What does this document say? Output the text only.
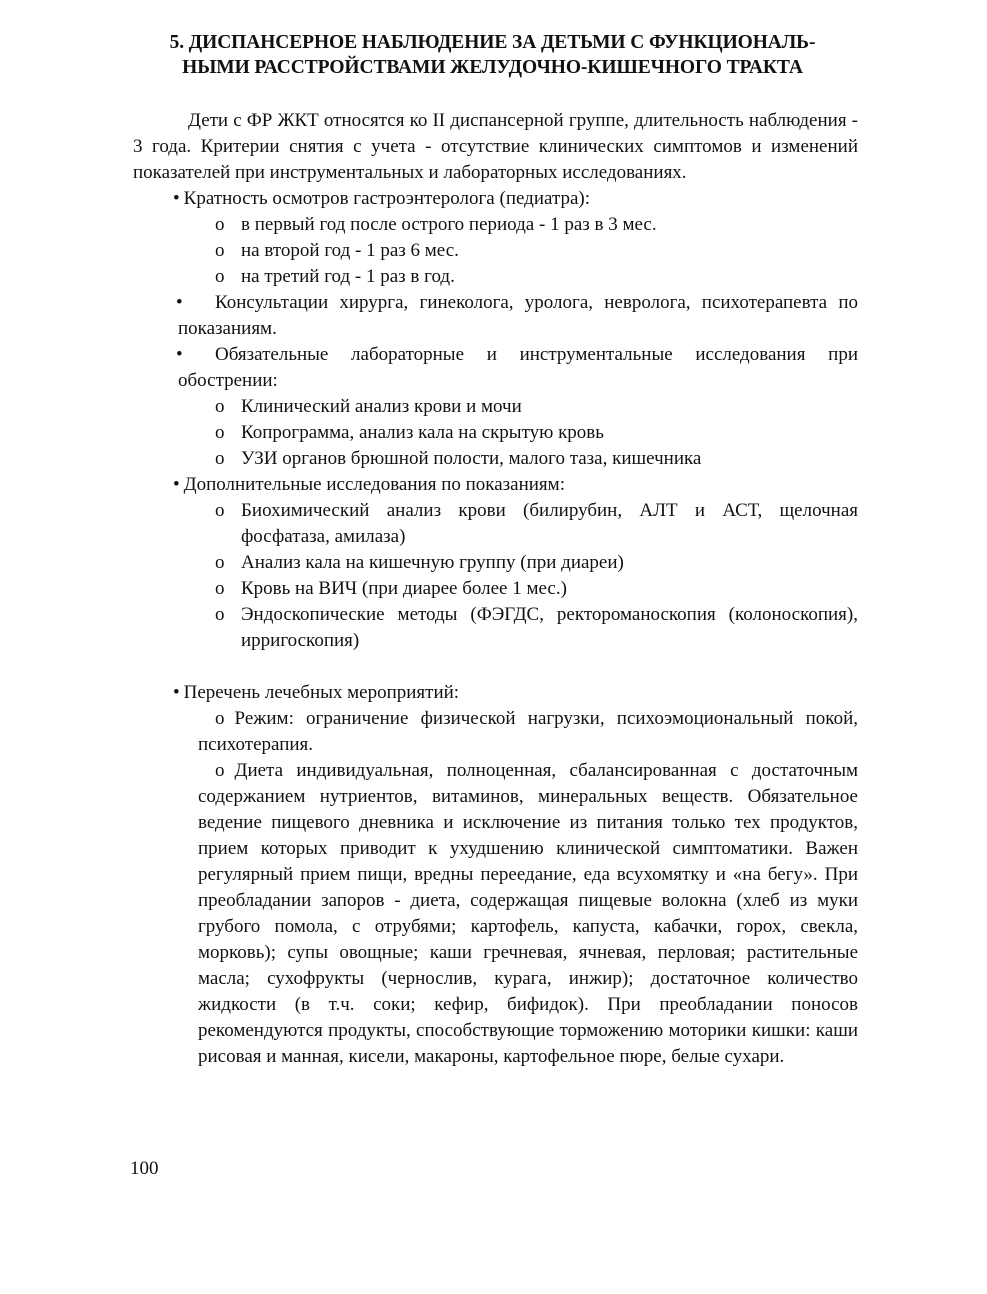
5. ДИСПАНСЕРНОЕ НАБЛЮДЕНИЕ ЗА ДЕТЬМИ С ФУНКЦИОНАЛЬ-
НЫМИ РАССТРОЙСТВАМИ ЖЕЛУДОЧНО-КИШЕЧНОГО ТРАКТА

Дети с ФР ЖКТ относятся ко II диспансерной группе, длительность наблюдения - 3 года. Критерии снятия с учета - отсутствие клинических симптомов и изменений показателей при инструментальных и лабораторных исследованиях.

• Кратность осмотров гастроэнтеролога (педиатра):

o в первый год после острого периода - 1 раз в 3 мес.

o на второй год - 1 раз 6 мес.

o на третий год - 1 раз в год.

• Консультации хирурга, гинеколога, уролога, невролога, психотерапевта по показаниям.

• Обязательные лабораторные и инструментальные исследования при обострении:

o Клинический анализ крови и мочи

o Копрограмма, анализ кала на скрытую кровь

o УЗИ органов брюшной полости, малого таза, кишечника

• Дополнительные исследования по показаниям:

o Биохимический анализ крови (билирубин, АЛТ и АСТ, щелочная фосфатаза, амилаза)

o Анализ кала на кишечную группу (при диареи)

o Кровь на ВИЧ (при диарее более 1 мес.)

o Эндоскопические методы (ФЭГДС, ректороманоскопия (колоноскопия), ирригоскопия)

• Перечень лечебных мероприятий:

o Режим: ограничение физической нагрузки, психоэмоциональный покой, психотерапия.

o Диета индивидуальная, полноценная, сбалансированная с достаточным содержанием нутриентов, витаминов, минеральных веществ. Обязательное ведение пищевого дневника и исключение из питания только тех продуктов, прием которых приводит к ухудшению клинической симптоматики. Важен регулярный прием пищи, вредны переедание, еда всухомятку и «на бегу». При преобладании запоров - диета, содержащая пищевые волокна (хлеб из муки грубого помола, с отрубями; картофель, капуста, кабачки, горох, свекла, морковь); супы овощные; каши гречневая, ячневая, перловая; растительные масла; сухофрукты (чернослив, курага, инжир); достаточное количество жидкости (в т.ч. соки; кефир, бифидок). При преобладании поносов рекомендуются продукты, способствующие торможению моторики кишки: каши рисовая и манная, кисели, макароны, картофельное пюре, белые сухари.

100
